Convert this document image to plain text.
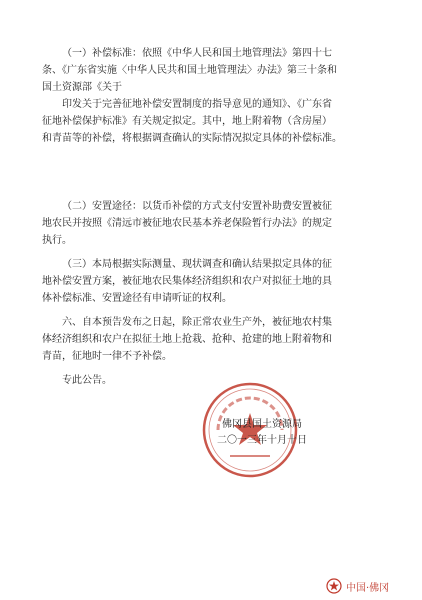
（一）补偿标准：依照《中华人民和国土地管理法》第四十七
条、《广东省实施〈中华人民共和国土地管理法〉办法》第三十条和
国土资源部《关于
印发关于完善征地补偿安置制度的指导意见的通知》、《广东省
征地补偿保护标准》有关规定拟定。其中，地上附着物（含房屋）
和青苗等的补偿，将根据调查确认的实际情况拟定具体的补偿标准。
（二）安置途径：以货币补偿的方式支付安置补助费安置被征
地农民并按照《清远市被征地农民基本养老保险暂行办法》的规定
执行。
（三）本局根据实际测量、现状调查和确认结果拟定具体的征
地补偿安置方案，被征地农民集体经济组织和农户对拟征土地的具
体补偿标准、安置途径有申请听证的权利。
六、自本预告发布之日起，除正常农业生产外，被征地农村集
体经济组织和农户在拟征土地上抢栽、抢种、抢建的地上附着物和
青苗，征地时一律不予补偿。
专此公告。
佛冈县国土资源局
二〇一三年十月十日
中国·佛冈
